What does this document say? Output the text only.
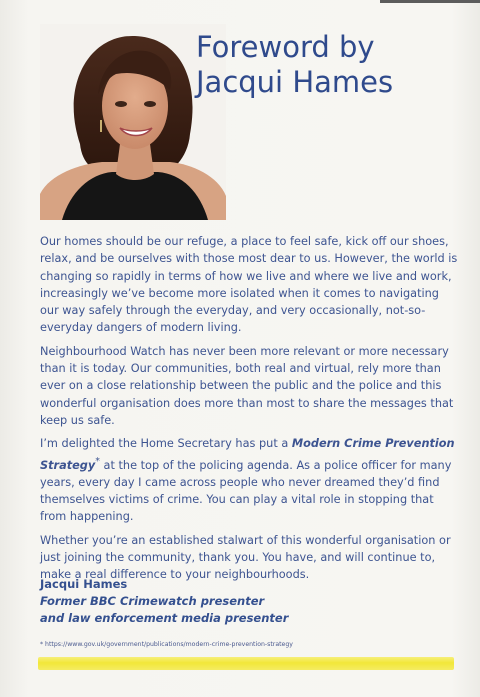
Foreword by
Jacqui Hames

Our homes should be our refuge, a place to feel safe, kick off our shoes, relax, and be ourselves with those most dear to us. However, the world is changing so rapidly in terms of how we live and where we live and work, increasingly we’ve become more isolated when it comes to navigating our way safely through the everyday, and very occasionally, not-so-everyday dangers of modern living.

Neighbourhood Watch has never been more relevant or more necessary than it is today. Our communities, both real and virtual, rely more than ever on a close relationship between the public and the police and this wonderful organisation does more than most to share the messages that keep us safe.

I’m delighted the Home Secretary has put a Modern Crime Prevention Strategy* at the top of the policing agenda. As a police officer for many years, every day I came across people who never dreamed they’d find themselves victims of crime. You can play a vital role in stopping that from happening.

Whether you’re an established stalwart of this wonderful organisation or just joining the community, thank you. You have, and will continue to, make a real difference to your neighbourhoods.

Jacqui Hames
Former BBC Crimewatch presenter
and law enforcement media presenter
* https://www.gov.uk/government/publications/modern-crime-prevention-strategy
